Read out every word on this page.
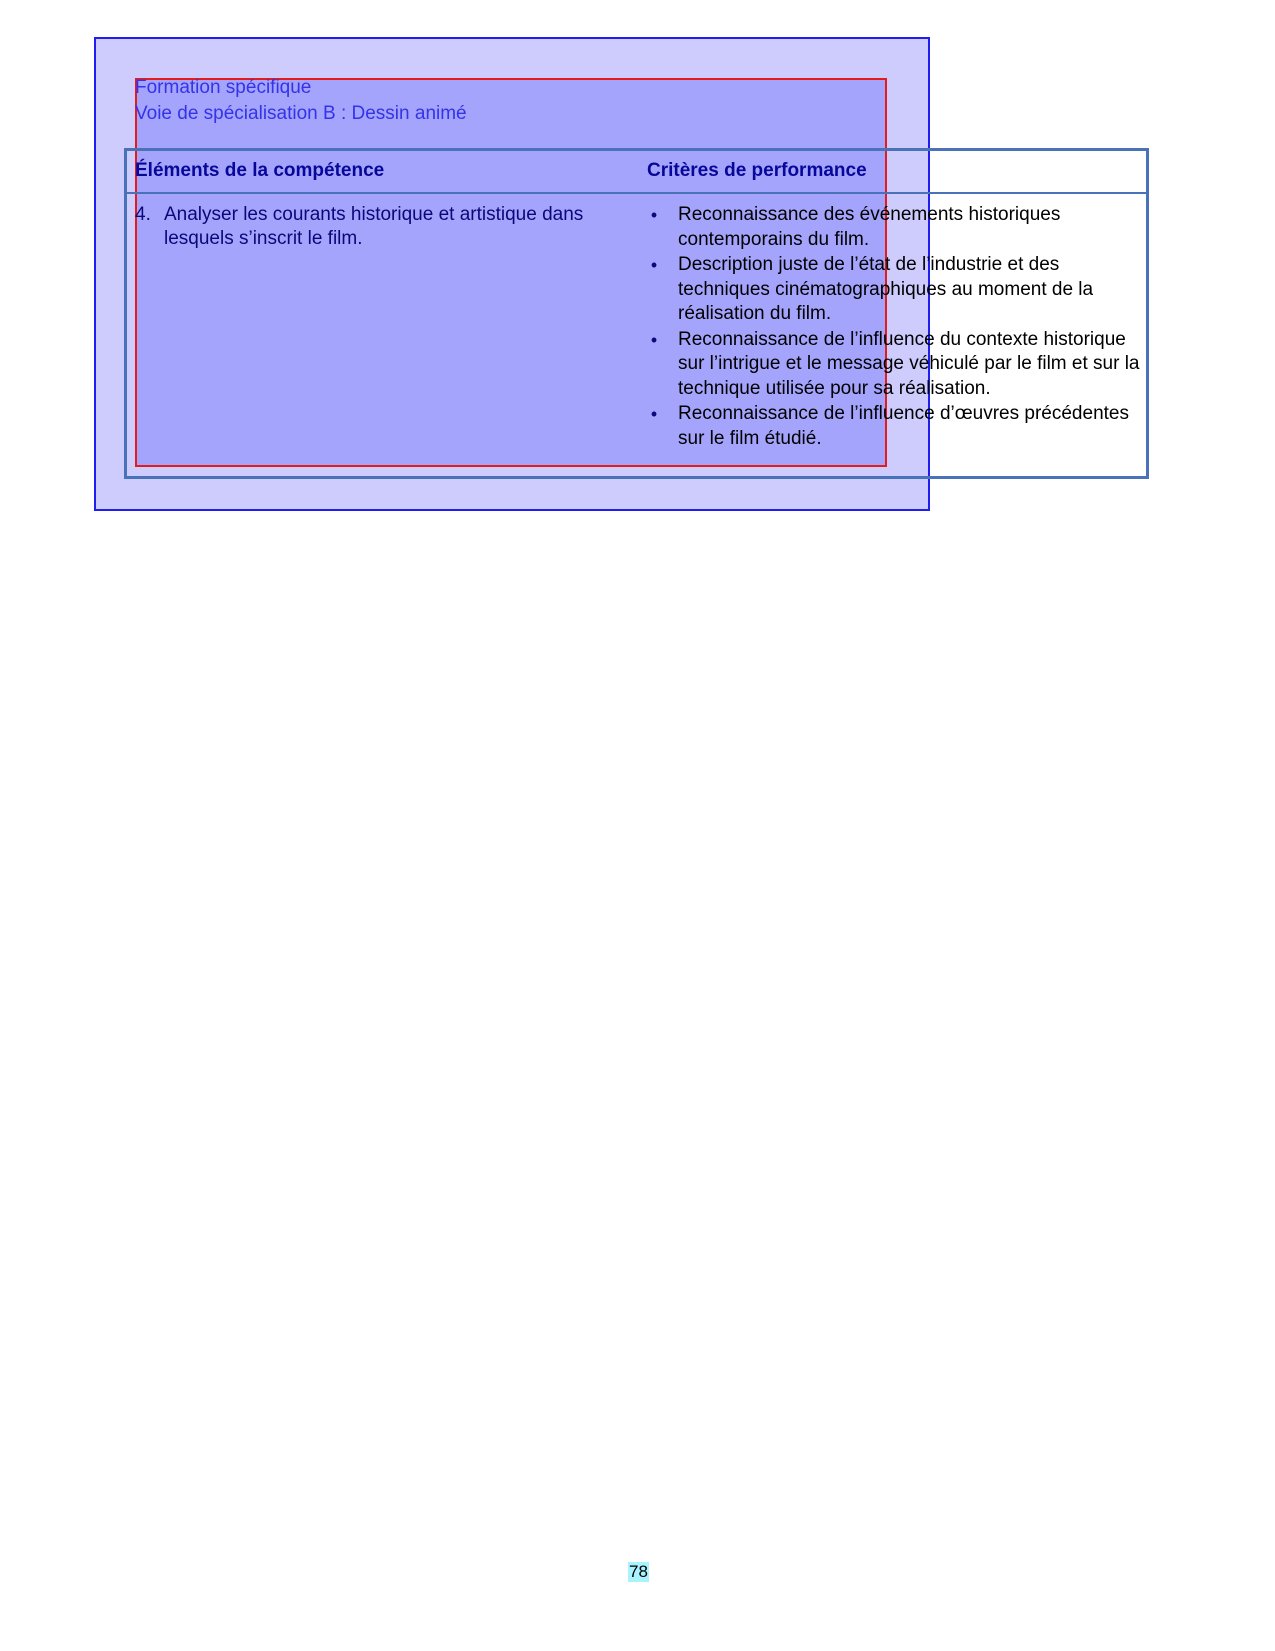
Formation spécifique
Voie de spécialisation B : Dessin animé
Éléments de la compétence	Critères de performance
4. Analyser les courants historique et artistique dans lesquels s’inscrit le film.
• Reconnaissance des événements historiques contemporains du film.
• Description juste de l’état de l’industrie et des techniques cinématographiques au moment de la réalisation du film.
• Reconnaissance de l’influence du contexte historique sur l’intrigue et le message véhiculé par le film et sur la technique utilisée pour sa réalisation.
• Reconnaissance de l’influence d’œuvres précédentes sur le film étudié.
78
